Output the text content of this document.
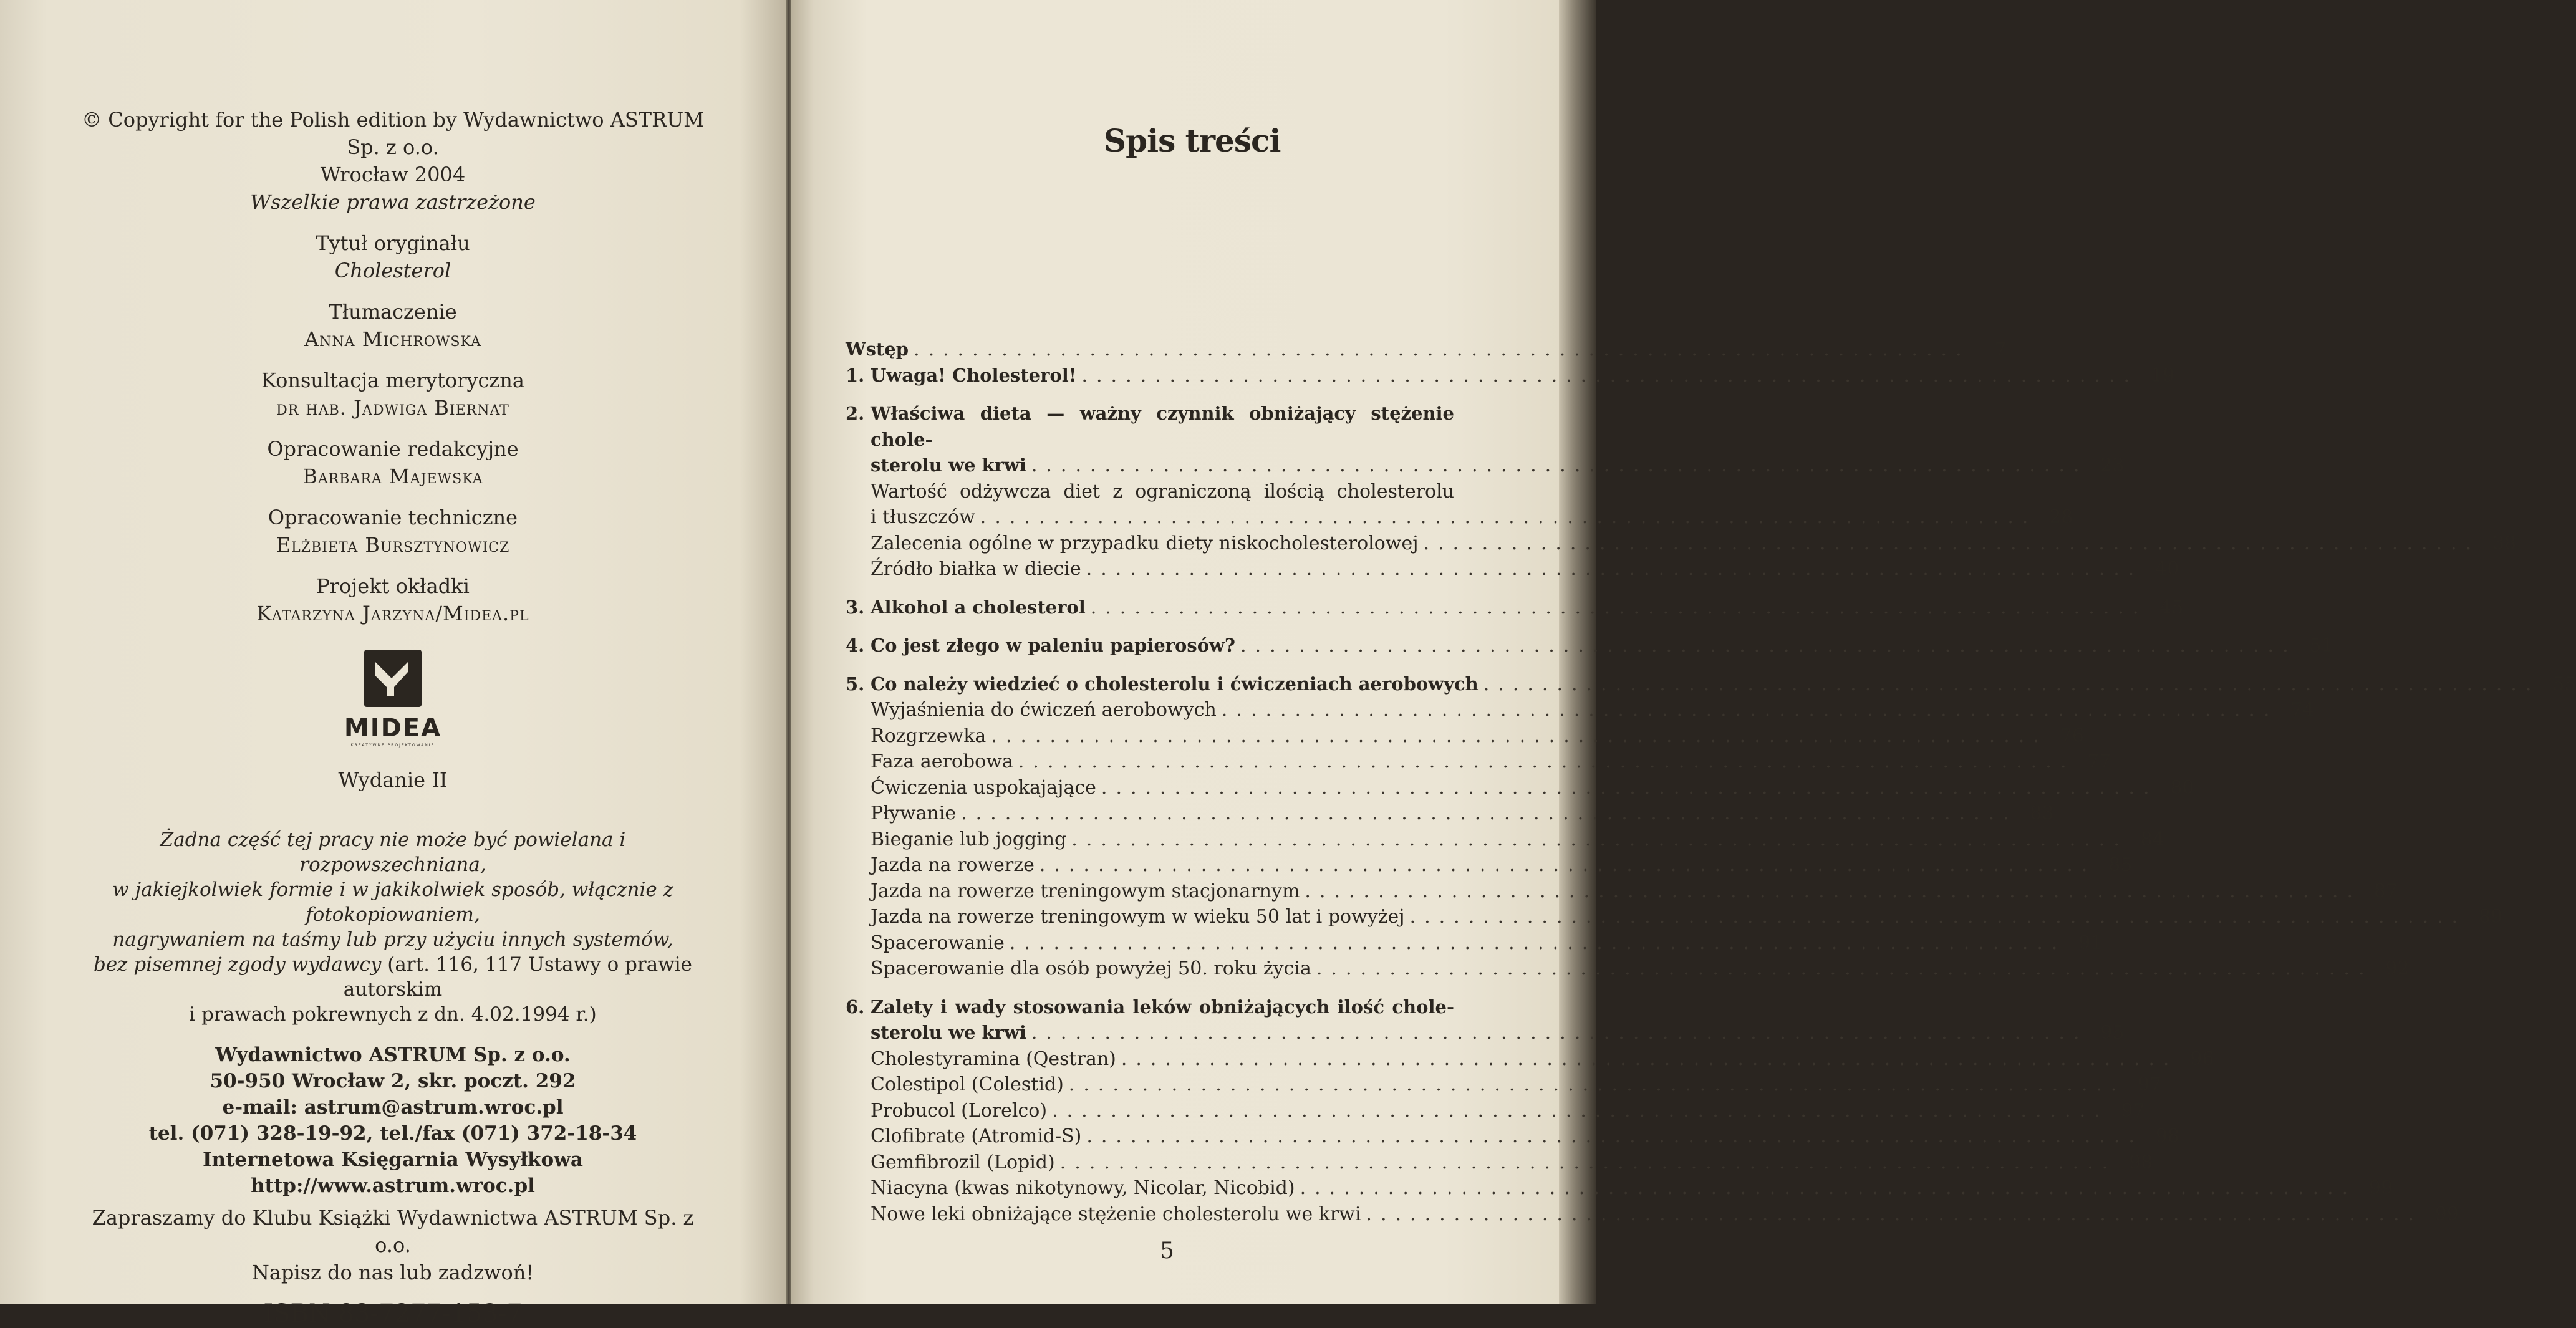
© Copyright for the Polish edition by Wydawnictwo ASTRUM Sp. z o.o.

Wrocław 2004

Wszelkie prawa zastrzeżone

Tytuł oryginału

Cholesterol

Tłumaczenie

Anna Michrowska

Konsultacja merytoryczna

dr hab. Jadwiga Biernat

Opracowanie redakcyjne

Barbara Majewska

Opracowanie techniczne

Elżbieta Bursztynowicz

Projekt okładki

Katarzyna Jarzyna/Midea.pl

MIDEA
KREATYWNE PROJEKTOWANIE

Wydanie II

Żadna część tej pracy nie może być powielana i rozpowszechniana,
w jakiejkolwiek formie i w jakikolwiek sposób, włącznie z fotokopiowaniem,
nagrywaniem na taśmy lub przy użyciu innych systemów,
bez pisemnej zgody wydawcy (art. 116, 117 Ustawy o prawie autorskim
i prawach pokrewnych z dn. 4.02.1994 r.)

Wydawnictwo ASTRUM Sp. z o.o.

50-950 Wrocław 2, skr. poczt. 292

e-mail: astrum@astrum.wroc.pl

tel. (071) 328-19-92, tel./fax (071) 372-18-34

Internetowa Księgarnia Wysyłkowa http://www.astrum.wroc.pl

Zapraszamy do Klubu Książki Wydawnictwa ASTRUM Sp. z o.o.

Napisz do nas lub zadzwoń!

ISBN 83-7277-153-7

Spis treści
Wstęp ........................................................................	7
1. Uwaga! Cholesterol! ........................................................................ 19
2. Właściwa dieta — ważny czynnik obniżający stężenie chole-
sterolu we krwi ........................................................................ 23
Wartość odżywcza diet z ograniczoną ilością cholesterolu
i tłuszczów ........................................................................ 28
Zalecenia ogólne w przypadku diety niskocholesterolowej ........................................................................ 38
Źródło białka w diecie ........................................................................ 40
3. Alkohol a cholesterol ........................................................................ 45
4. Co jest złego w paleniu papierosów? ........................................................................ 51
5. Co należy wiedzieć o cholesterolu i ćwiczeniach aerobowych ........................................................................ 55
Wyjaśnienia do ćwiczeń aerobowych ........................................................................ 74
Rozgrzewka ........................................................................ 76
Faza aerobowa ........................................................................ 77
Ćwiczenia uspokajające ........................................................................ 80
Pływanie ........................................................................ 83
Bieganie lub jogging ........................................................................ 84
Jazda na rowerze ........................................................................ 85
Jazda na rowerze treningowym stacjonarnym ........................................................................ 87
Jazda na rowerze treningowym w wieku 50 lat i powyżej ........................................................................ 89
Spacerowanie ........................................................................ 91
Spacerowanie dla osób powyżej 50. roku życia ........................................................................ 92
6. Zalety i wady stosowania leków obniżających ilość chole-
sterolu we krwi ........................................................................ 95
Cholestyramina (Qestran) ........................................................................ 96
Colestipol (Colestid) ........................................................................ 97
Probucol (Lorelco) ........................................................................ 97
Clofibrate (Atromid-S) ........................................................................ 98
Gemfibrozil (Lopid) ........................................................................ 98
Niacyna (kwas nikotynowy, Nicolar, Nicobid) ........................................................................ 99
Nowe leki obniżające stężenie cholesterolu we krwi ........................................................................ 99
5
